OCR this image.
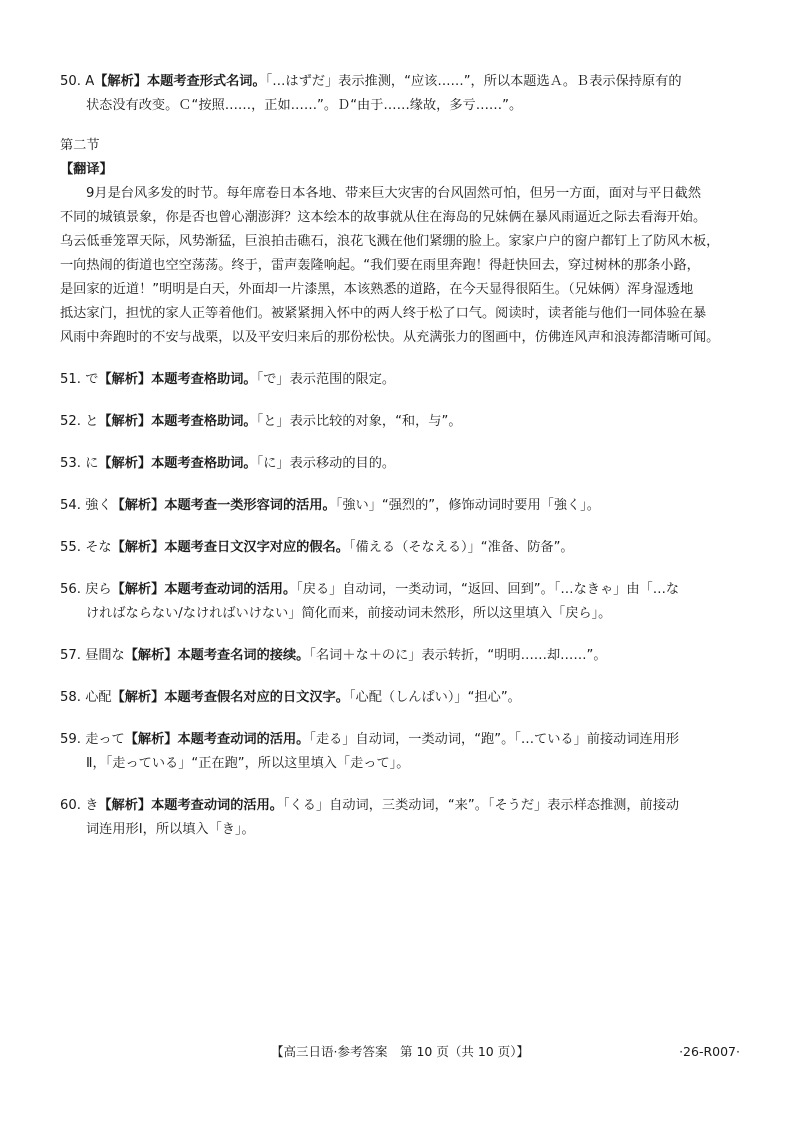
50. A【解析】本题考查形式名词。「…はずだ」表示推测，“应该……”，所以本题选Ａ。Ｂ表示保持原有的
状态没有改变。Ｃ“按照……，正如……”。Ｄ“由于……缘故，多亏……”。
第二节
【翻译】
9月是台风多发的时节。每年席卷日本各地、带来巨大灾害的台风固然可怕，但另一方面，面对与平日截然
不同的城镇景象，你是否也曾心潮澎湃？这本绘本的故事就从住在海岛的兄妹俩在暴风雨逼近之际去看海开始。
乌云低垂笼罩天际，风势渐猛，巨浪拍击礁石，浪花飞溅在他们紧绷的脸上。家家户户的窗户都钉上了防风木板，
一向热闹的街道也空空荡荡。终于，雷声轰隆响起。“我们要在雨里奔跑！得赶快回去，穿过树林的那条小路，
是回家的近道！”明明是白天，外面却一片漆黑，本该熟悉的道路，在今天显得很陌生。（兄妹俩）浑身湿透地
抵达家门，担忧的家人正等着他们。被紧紧拥入怀中的两人终于松了口气。阅读时，读者能与他们一同体验在暴
风雨中奔跑时的不安与战栗，以及平安归来后的那份松快。从充满张力的图画中，仿佛连风声和浪涛都清晰可闻。
51. で【解析】本题考查格助词。「で」表示范围的限定。
52. と【解析】本题考查格助词。「と」表示比较的对象，“和，与”。
53. に【解析】本题考查格助词。「に」表示移动的目的。
54. 強く【解析】本题考查一类形容词的活用。「強い」“强烈的”，修饰动词时要用「強く」。
55. そな【解析】本题考查日文汉字对应的假名。「備える（そなえる）」“准备、防备”。
56. 戻ら【解析】本题考查动词的活用。「戻る」自动词，一类动词，“返回、回到”。「…なきゃ」由「…な
ければならない/なければいけない」简化而来，前接动词未然形，所以这里填入「戻ら」。
57. 昼間な【解析】本题考查名词的接续。「名词＋な＋のに」表示转折，“明明……却……”。
58. 心配【解析】本题考查假名对应的日文汉字。「心配（しんぱい）」“担心”。
59. 走って【解析】本题考查动词的活用。「走る」自动词，一类动词，“跑”。「…ている」前接动词连用形
Ⅱ，「走っている」“正在跑”，所以这里填入「走って」。
60. き【解析】本题考查动词的活用。「くる」自动词，三类动词，“来”。「そうだ」表示样态推测，前接动
词连用形Ⅰ，所以填入「き」。
【高三日语·参考答案　第 10 页（共 10 页）】	·26-R007·
